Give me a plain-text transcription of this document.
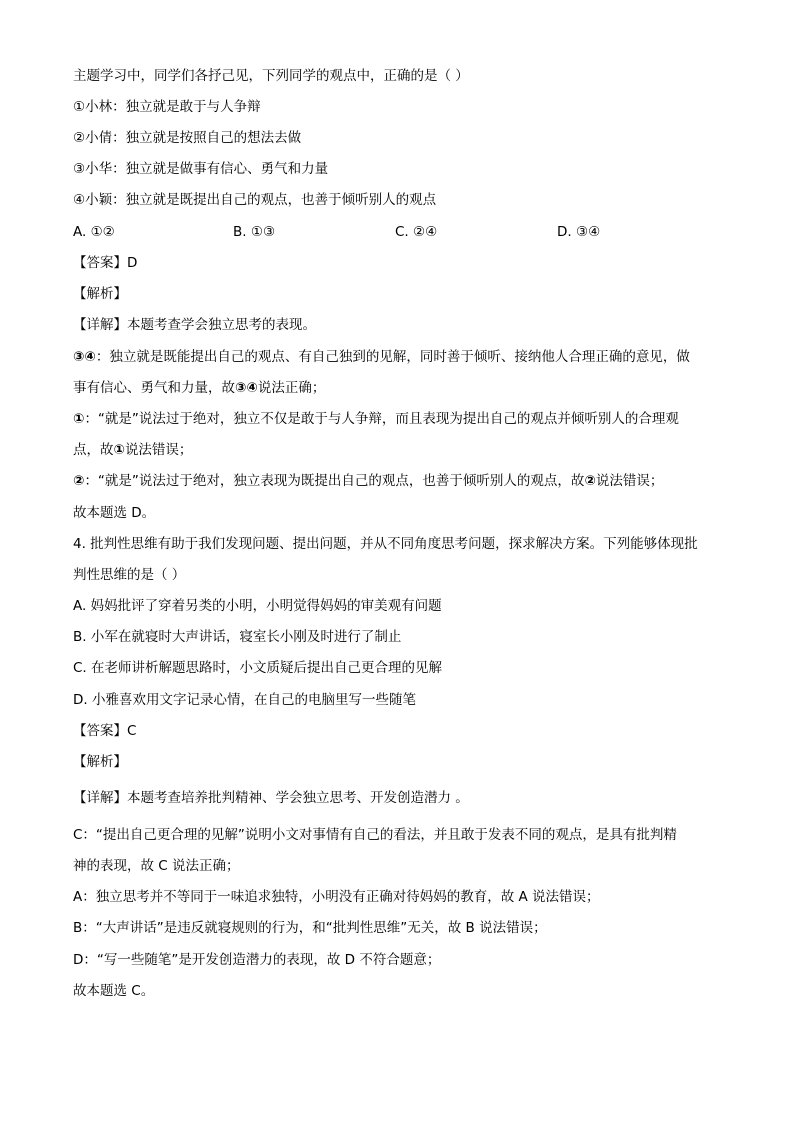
主题学习中，同学们各抒己见，下列同学的观点中，正确的是（ ）
①小林：独立就是敢于与人争辩
②小倩：独立就是按照自己的想法去做
③小华：独立就是做事有信心、勇气和力量
④小颖：独立就是既提出自己的观点，也善于倾听别人的观点
A. ①②	B. ①③	C. ②④	D. ③④
【答案】D
【解析】
【详解】本题考查学会独立思考的表现。
③④：独立就是既能提出自己的观点、有自己独到的见解，同时善于倾听、接纳他人合理正确的意见，做
事有信心、勇气和力量，故③④说法正确；
①：“就是”说法过于绝对，独立不仅是敢于与人争辩，而且表现为提出自己的观点并倾听别人的合理观
点，故①说法错误；
②：“就是”说法过于绝对，独立表现为既提出自己的观点，也善于倾听别人的观点，故②说法错误；
故本题选 D。
4. 批判性思维有助于我们发现问题、提出问题，并从不同角度思考问题，探求解决方案。下列能够体现批
判性思维的是（ ）
A. 妈妈批评了穿着另类的小明，小明觉得妈妈的审美观有问题
B. 小军在就寝时大声讲话，寝室长小刚及时进行了制止
C. 在老师讲析解题思路时，小文质疑后提出自己更合理的见解
D. 小雅喜欢用文字记录心情，在自己的电脑里写一些随笔
【答案】C
【解析】
【详解】本题考查培养批判精神、学会独立思考、开发创造潜力 。
C：“提出自己更合理的见解”说明小文对事情有自己的看法，并且敢于发表不同的观点，是具有批判精
神的表现，故 C 说法正确；
A：独立思考并不等同于一味追求独特，小明没有正确对待妈妈的教育，故 A 说法错误；
B：“大声讲话”是违反就寝规则的行为，和“批判性思维”无关，故 B 说法错误；
D：“写一些随笔”是开发创造潜力的表现，故 D 不符合题意；
故本题选 C。
